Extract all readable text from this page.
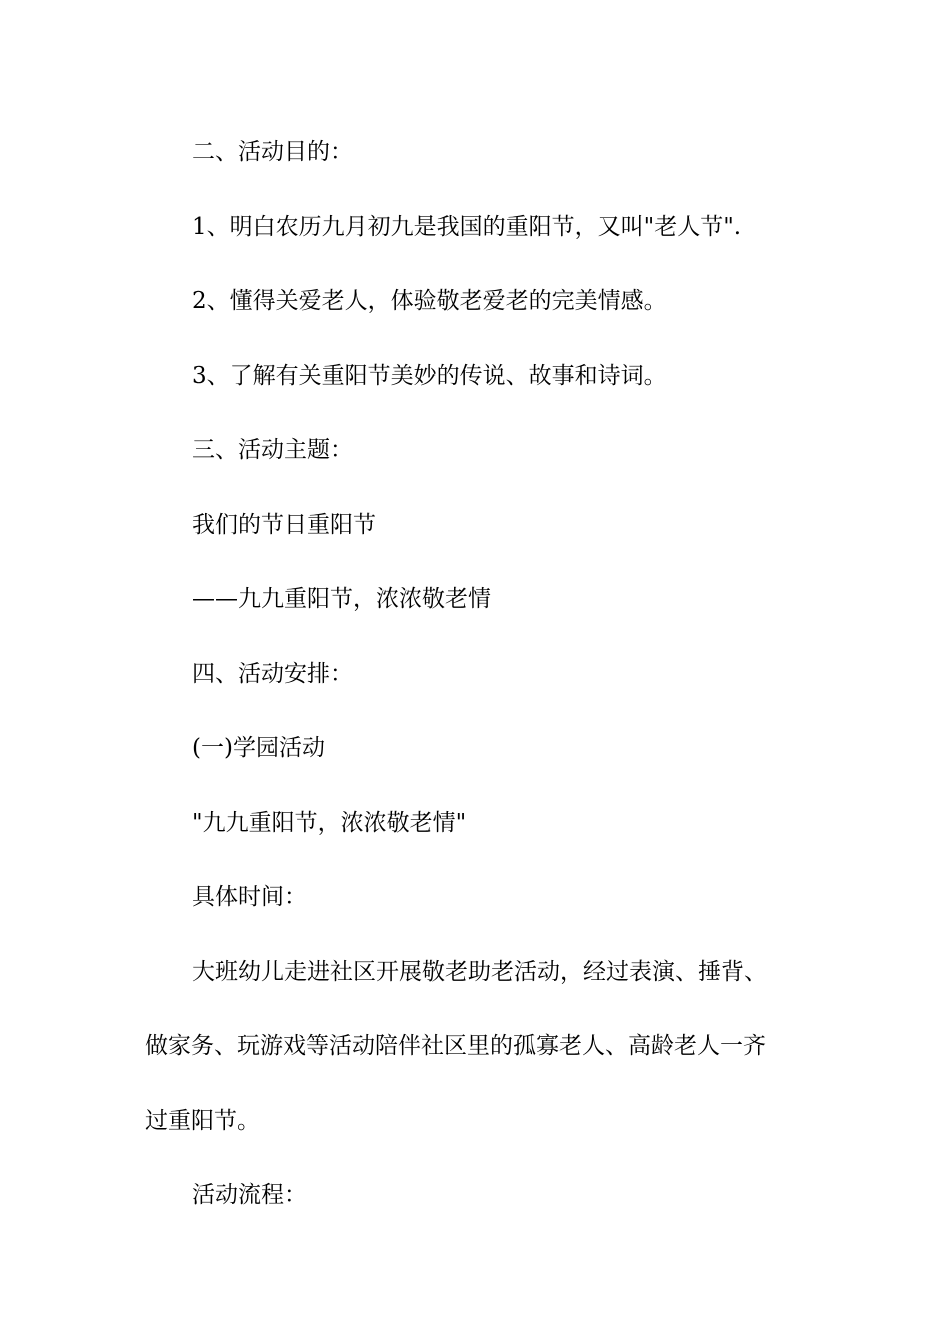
二、活动目的：
1、明白农历九月初九是我国的重阳节，又叫"老人节".
2、懂得关爱老人，体验敬老爱老的完美情感。
3、了解有关重阳节美妙的传说、故事和诗词。
三、活动主题：
我们的节日重阳节
——九九重阳节，浓浓敬老情
四、活动安排：
(一)学园活动
"九九重阳节，浓浓敬老情"
具体时间：
大班幼儿走进社区开展敬老助老活动，经过表演、捶背、
做家务、玩游戏等活动陪伴社区里的孤寡老人、高龄老人一齐
过重阳节。
活动流程：
